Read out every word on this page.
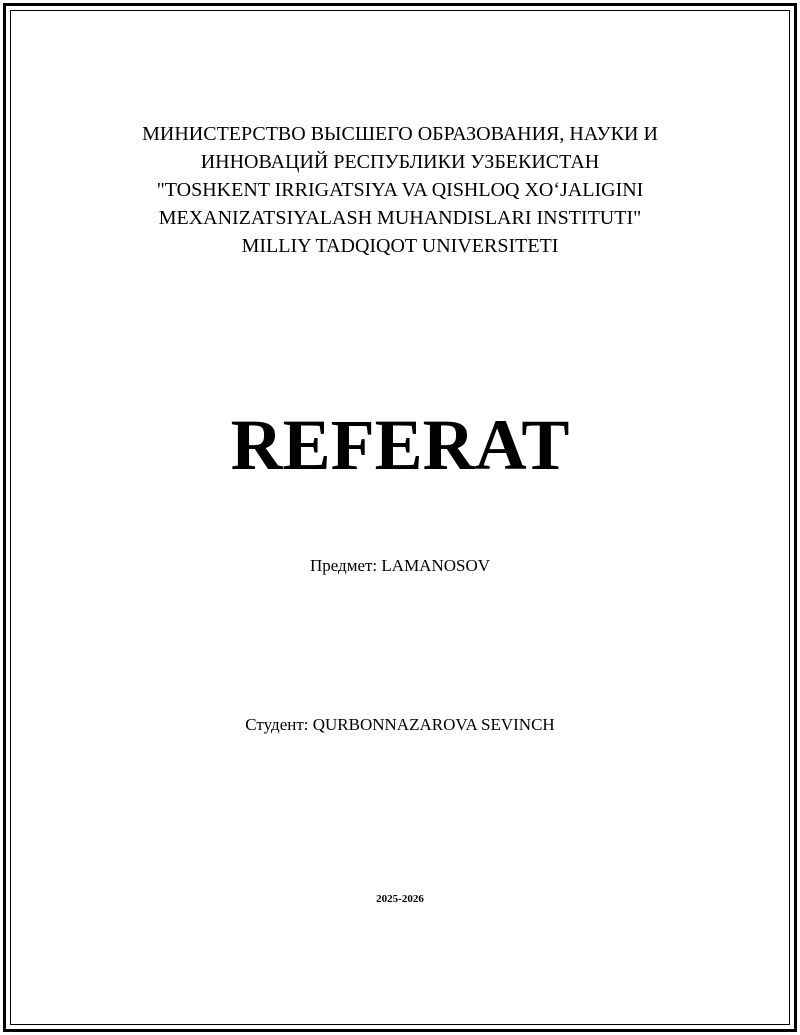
МИНИСТЕРСТВО ВЫСШЕГО ОБРАЗОВАНИЯ, НАУКИ И
ИННОВАЦИЙ РЕСПУБЛИКИ УЗБЕКИСТАН
"TOSHKENT IRRIGATSIYA VA QISHLOQ XO‘JALIGINI
MEXANIZATSIYALASH MUHANDISLARI INSTITUTI"
MILLIY TADQIQOT UNIVERSITETI
REFERAT
Предмет: LAMANOSOV
Студент: QURBONNAZAROVA SEVINCH
2025-2026
